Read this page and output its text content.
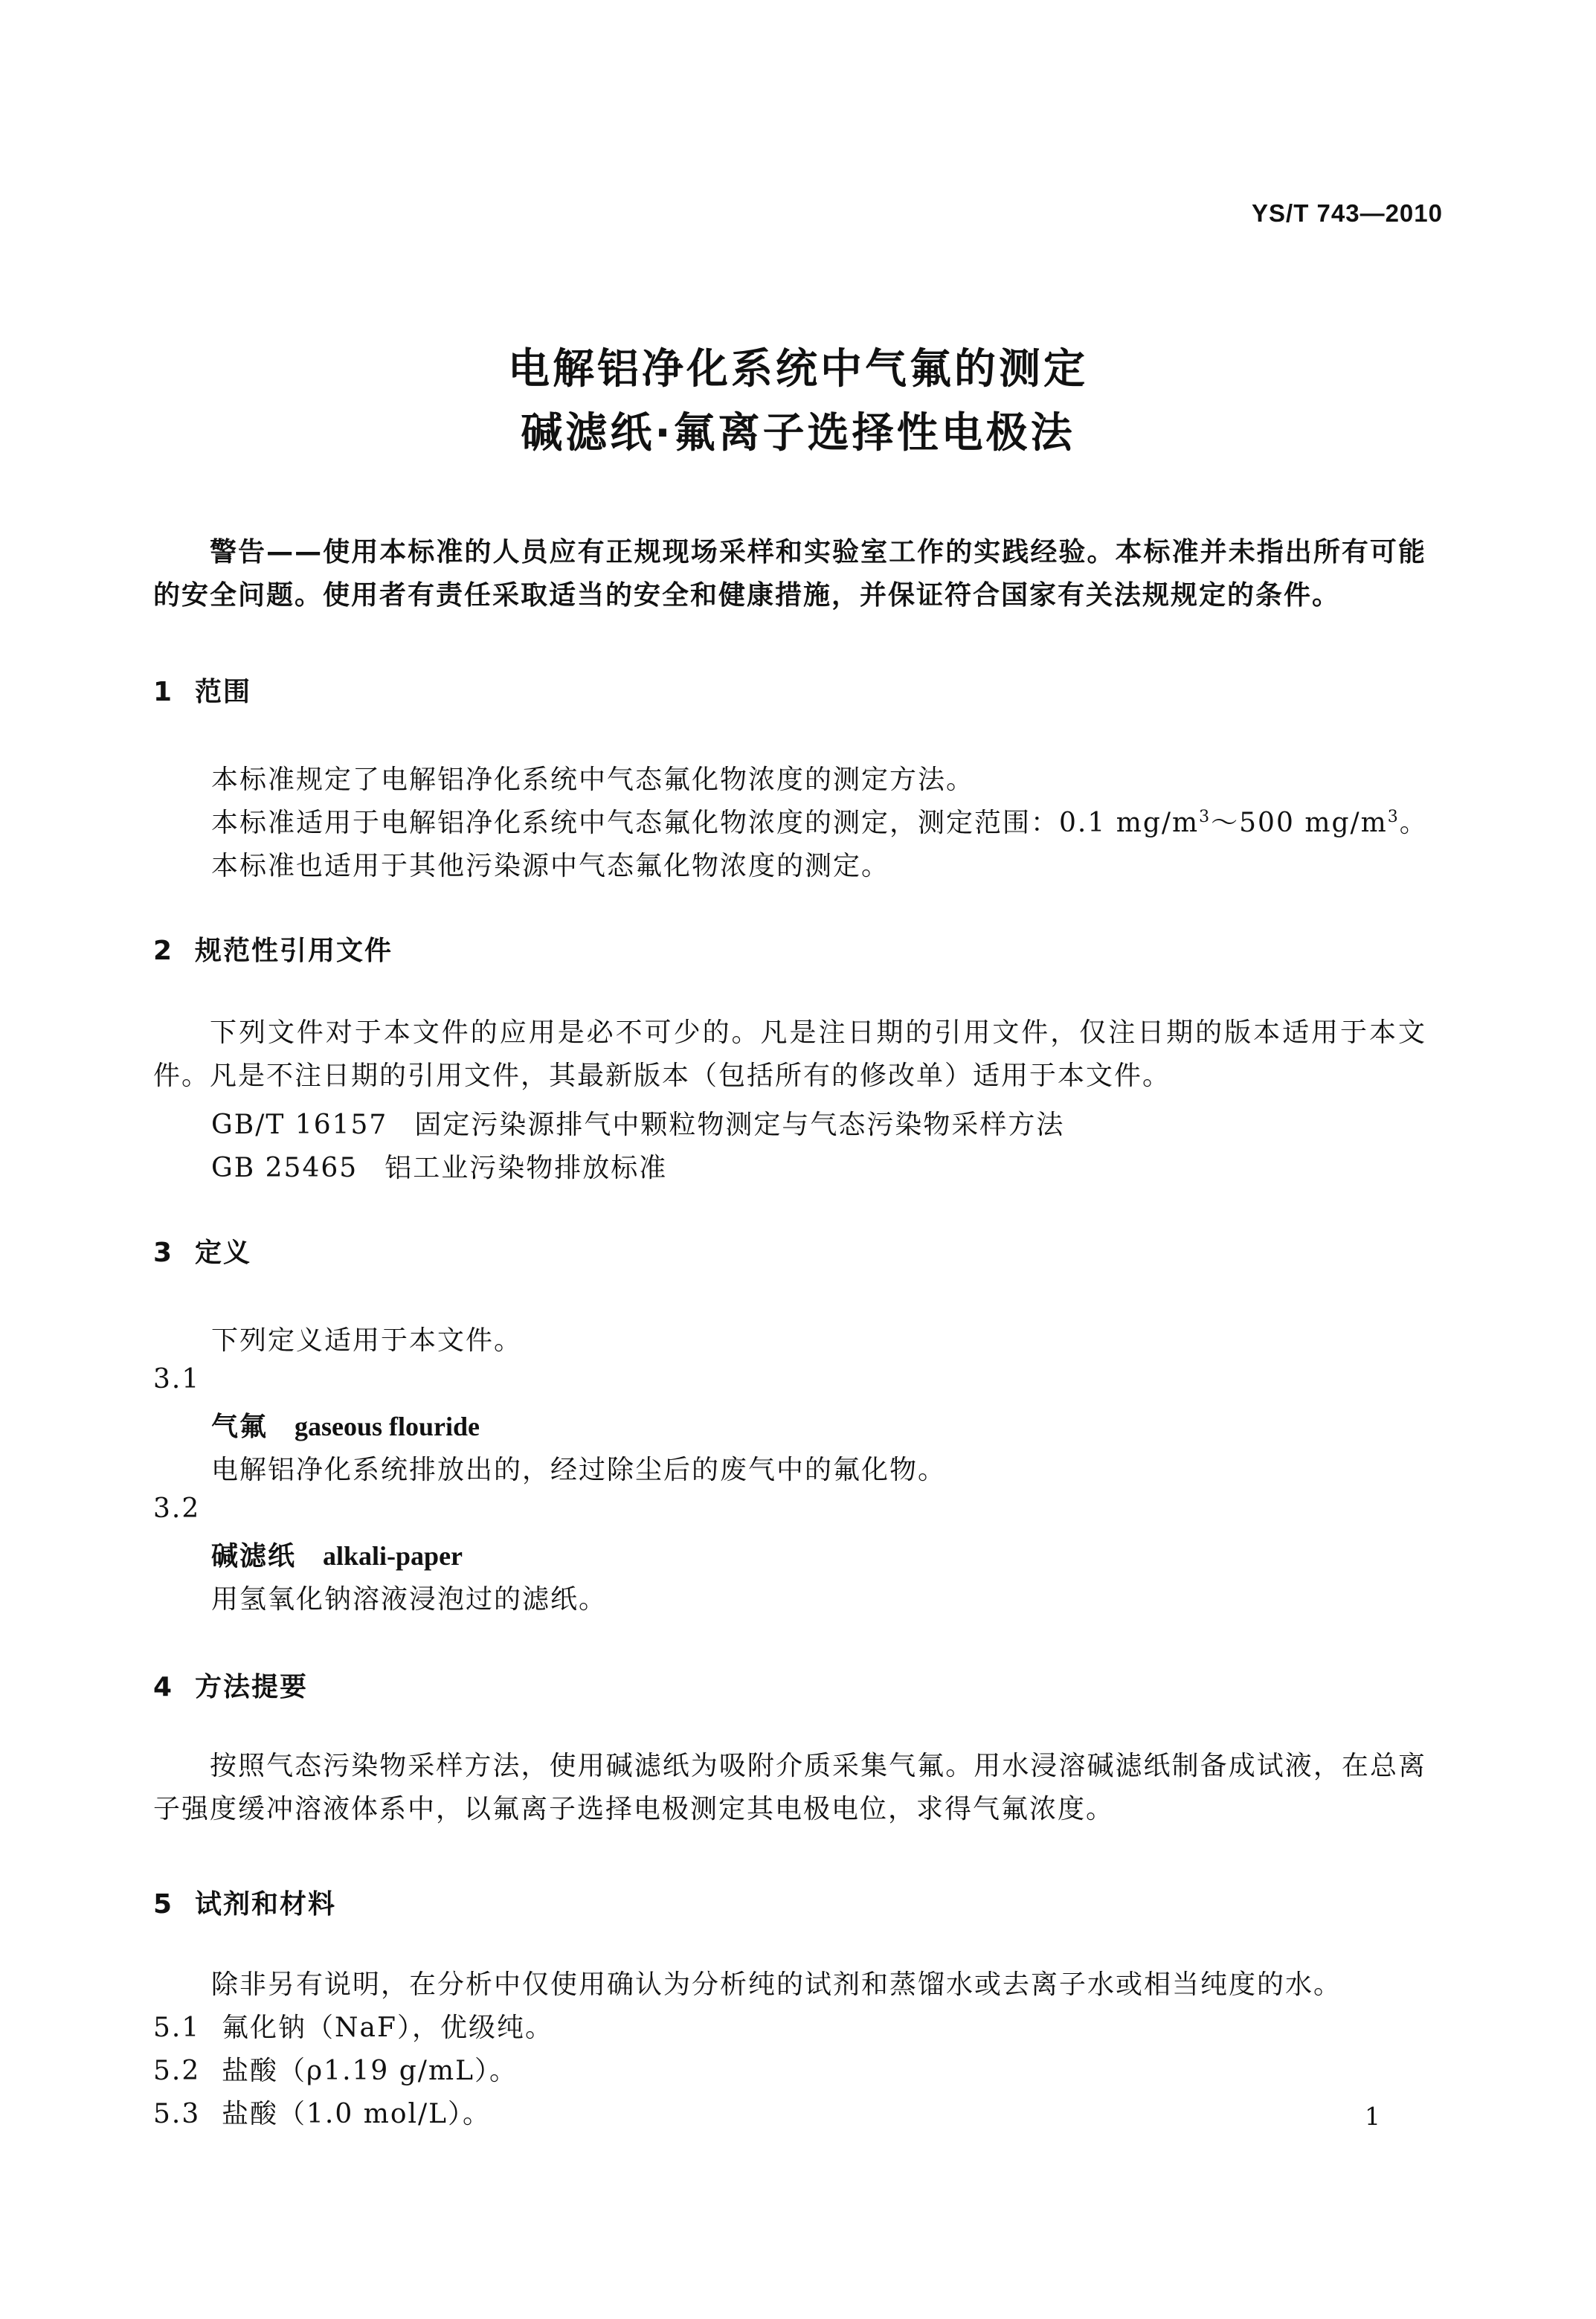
YS/T 743—2010
电解铝净化系统中气氟的测定
碱滤纸·氟离子选择性电极法
警告——使用本标准的人员应有正规现场采样和实验室工作的实践经验。本标准并未指出所有可能的安全问题。使用者有责任采取适当的安全和健康措施，并保证符合国家有关法规规定的条件。
1 范围
本标准规定了电解铝净化系统中气态氟化物浓度的测定方法。
本标准适用于电解铝净化系统中气态氟化物浓度的测定，测定范围：0.1 $mg/m^3\sim 500$ $mg/m^3$。
本标准也适用于其他污染源中气态氟化物浓度的测定。
2 规范性引用文件
下列文件对于本文件的应用是必不可少的。凡是注日期的引用文件，仅注日期的版本适用于本文件。凡是不注日期的引用文件，其最新版本（包括所有的修改单）适用于本文件。
GB/T 16157 固定污染源排气中颗粒物测定与气态污染物采样方法
GB 25465 铝工业污染物排放标准
3 定义
下列定义适用于本文件。
3.1
气氟 gaseous flouride
电解铝净化系统排放出的，经过除尘后的废气中的氟化物。
3.2
碱滤纸 alkali-paper
用氢氧化钠溶液浸泡过的滤纸。
4 方法提要
按照气态污染物采样方法，使用碱滤纸为吸附介质采集气氟。用水浸溶碱滤纸制备成试液，在总离子强度缓冲溶液体系中，以氟离子选择电极测定其电极电位，求得气氟浓度。
5 试剂和材料
除非另有说明，在分析中仅使用确认为分析纯的试剂和蒸馏水或去离子水或相当纯度的水。
5.1 氟化钠（NaF），优级纯。
5.2 盐酸（ρ1.19 g/mL）。
5.3 盐酸（1.0 mol/L）。	1
